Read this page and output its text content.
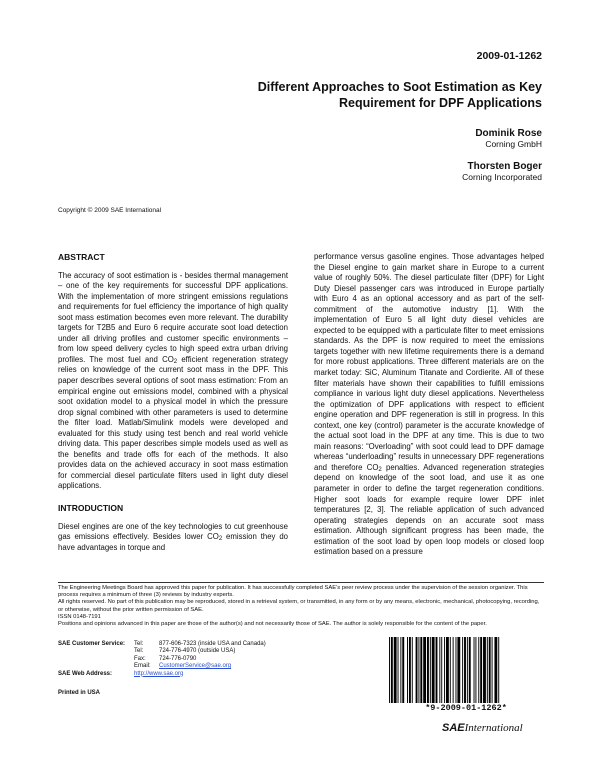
2009-01-1262
Different Approaches to Soot Estimation as Key
Requirement for DPF Applications
Dominik Rose
Corning GmbH
Thorsten Boger
Corning Incorporated
Copyright © 2009 SAE International
ABSTRACT

The accuracy of soot estimation is - besides thermal management – one of the key requirements for successful DPF applications. With the implementation of more stringent emissions regulations and requirements for fuel efficiency the importance of high quality soot mass estimation becomes even more relevant. The durability targets for T2B5 and Euro 6 require accurate soot load detection under all driving profiles and customer specific environments – from low speed delivery cycles to high speed extra urban driving profiles. The most fuel and $CO_2$ efficient regeneration strategy relies on knowledge of the current soot mass in the DPF. This paper describes several options of soot mass estimation: From an empirical engine out emissions model, combined with a physical soot oxidation model to a physical model in which the pressure drop signal combined with other parameters is used to determine the filter load. Matlab/Simulink models were developed and evaluated for this study using test bench and real world vehicle driving data. This paper describes simple models used as well as the benefits and trade offs for each of the methods. It also provides data on the achieved accuracy in soot mass estimation for commercial diesel particulate filters used in light duty diesel applications.

INTRODUCTION

Diesel engines are one of the key technologies to cut greenhouse gas emissions effectively. Besides lower $CO_2$ emission they do have advantages in torque and

performance versus gasoline engines. Those advantages helped the Diesel engine to gain market share in Europe to a current value of roughly 50%. The diesel particulate filter (DPF) for Light Duty Diesel passenger cars was introduced in Europe partially with Euro 4 as an optional accessory and as part of the self-commitment of the automotive industry [1]. With the implementation of Euro 5 all light duty diesel vehicles are expected to be equipped with a particulate filter to meet emissions standards. As the DPF is now required to meet the emissions targets together with new lifetime requirements there is a demand for more robust applications. Three different materials are on the market today: SiC, Aluminum Titanate and Cordierite. All of these filter materials have shown their capabilities to fulfill emissions compliance in various light duty diesel applications. Nevertheless the optimization of DPF applications with respect to efficient engine operation and DPF regeneration is still in progress. In this context, one key (control) parameter is the accurate knowledge of the actual soot load in the DPF at any time. This is due to two main reasons: “Overloading” with soot could lead to DPF damage whereas “underloading” results in unnecessary DPF regenerations and therefore $CO_2$ penalties. Advanced regeneration strategies depend on knowledge of the soot load, and use it as one parameter in order to define the target regeneration conditions. Higher soot loads for example require lower DPF inlet temperatures [2, 3]. The reliable application of such advanced operating strategies depends on an accurate soot mass estimation. Although significant progress has been made, the estimation of the soot load by open loop models or closed loop estimation based on a pressure

The Engineering Meetings Board has approved this paper for publication. It has successfully completed SAE’s peer review process under the supervision of the session organizer. This process requires a minimum of three (3) reviews by industry experts.

All rights reserved. No part of this publication may be reproduced, stored in a retrieval system, or transmitted, in any form or by any means, electronic, mechanical, photocopying, recording, or otherwise, without the prior written permission of SAE.

ISSN 0148-7191

Positions and opinions advanced in this paper are those of the author(s) and not necessarily those of SAE. The author is solely responsible for the content of the paper.

SAE Customer Service:	Tel:	877-606-7323 (inside USA and Canada)
Tel:	724-776-4970 (outside USA)
Fax:	724-776-0790
Email:	CustomerService@sae.org
SAE Web Address:	http://www.sae.org
Printed in USA
*9-2009-01-1262*
SAEInternational
